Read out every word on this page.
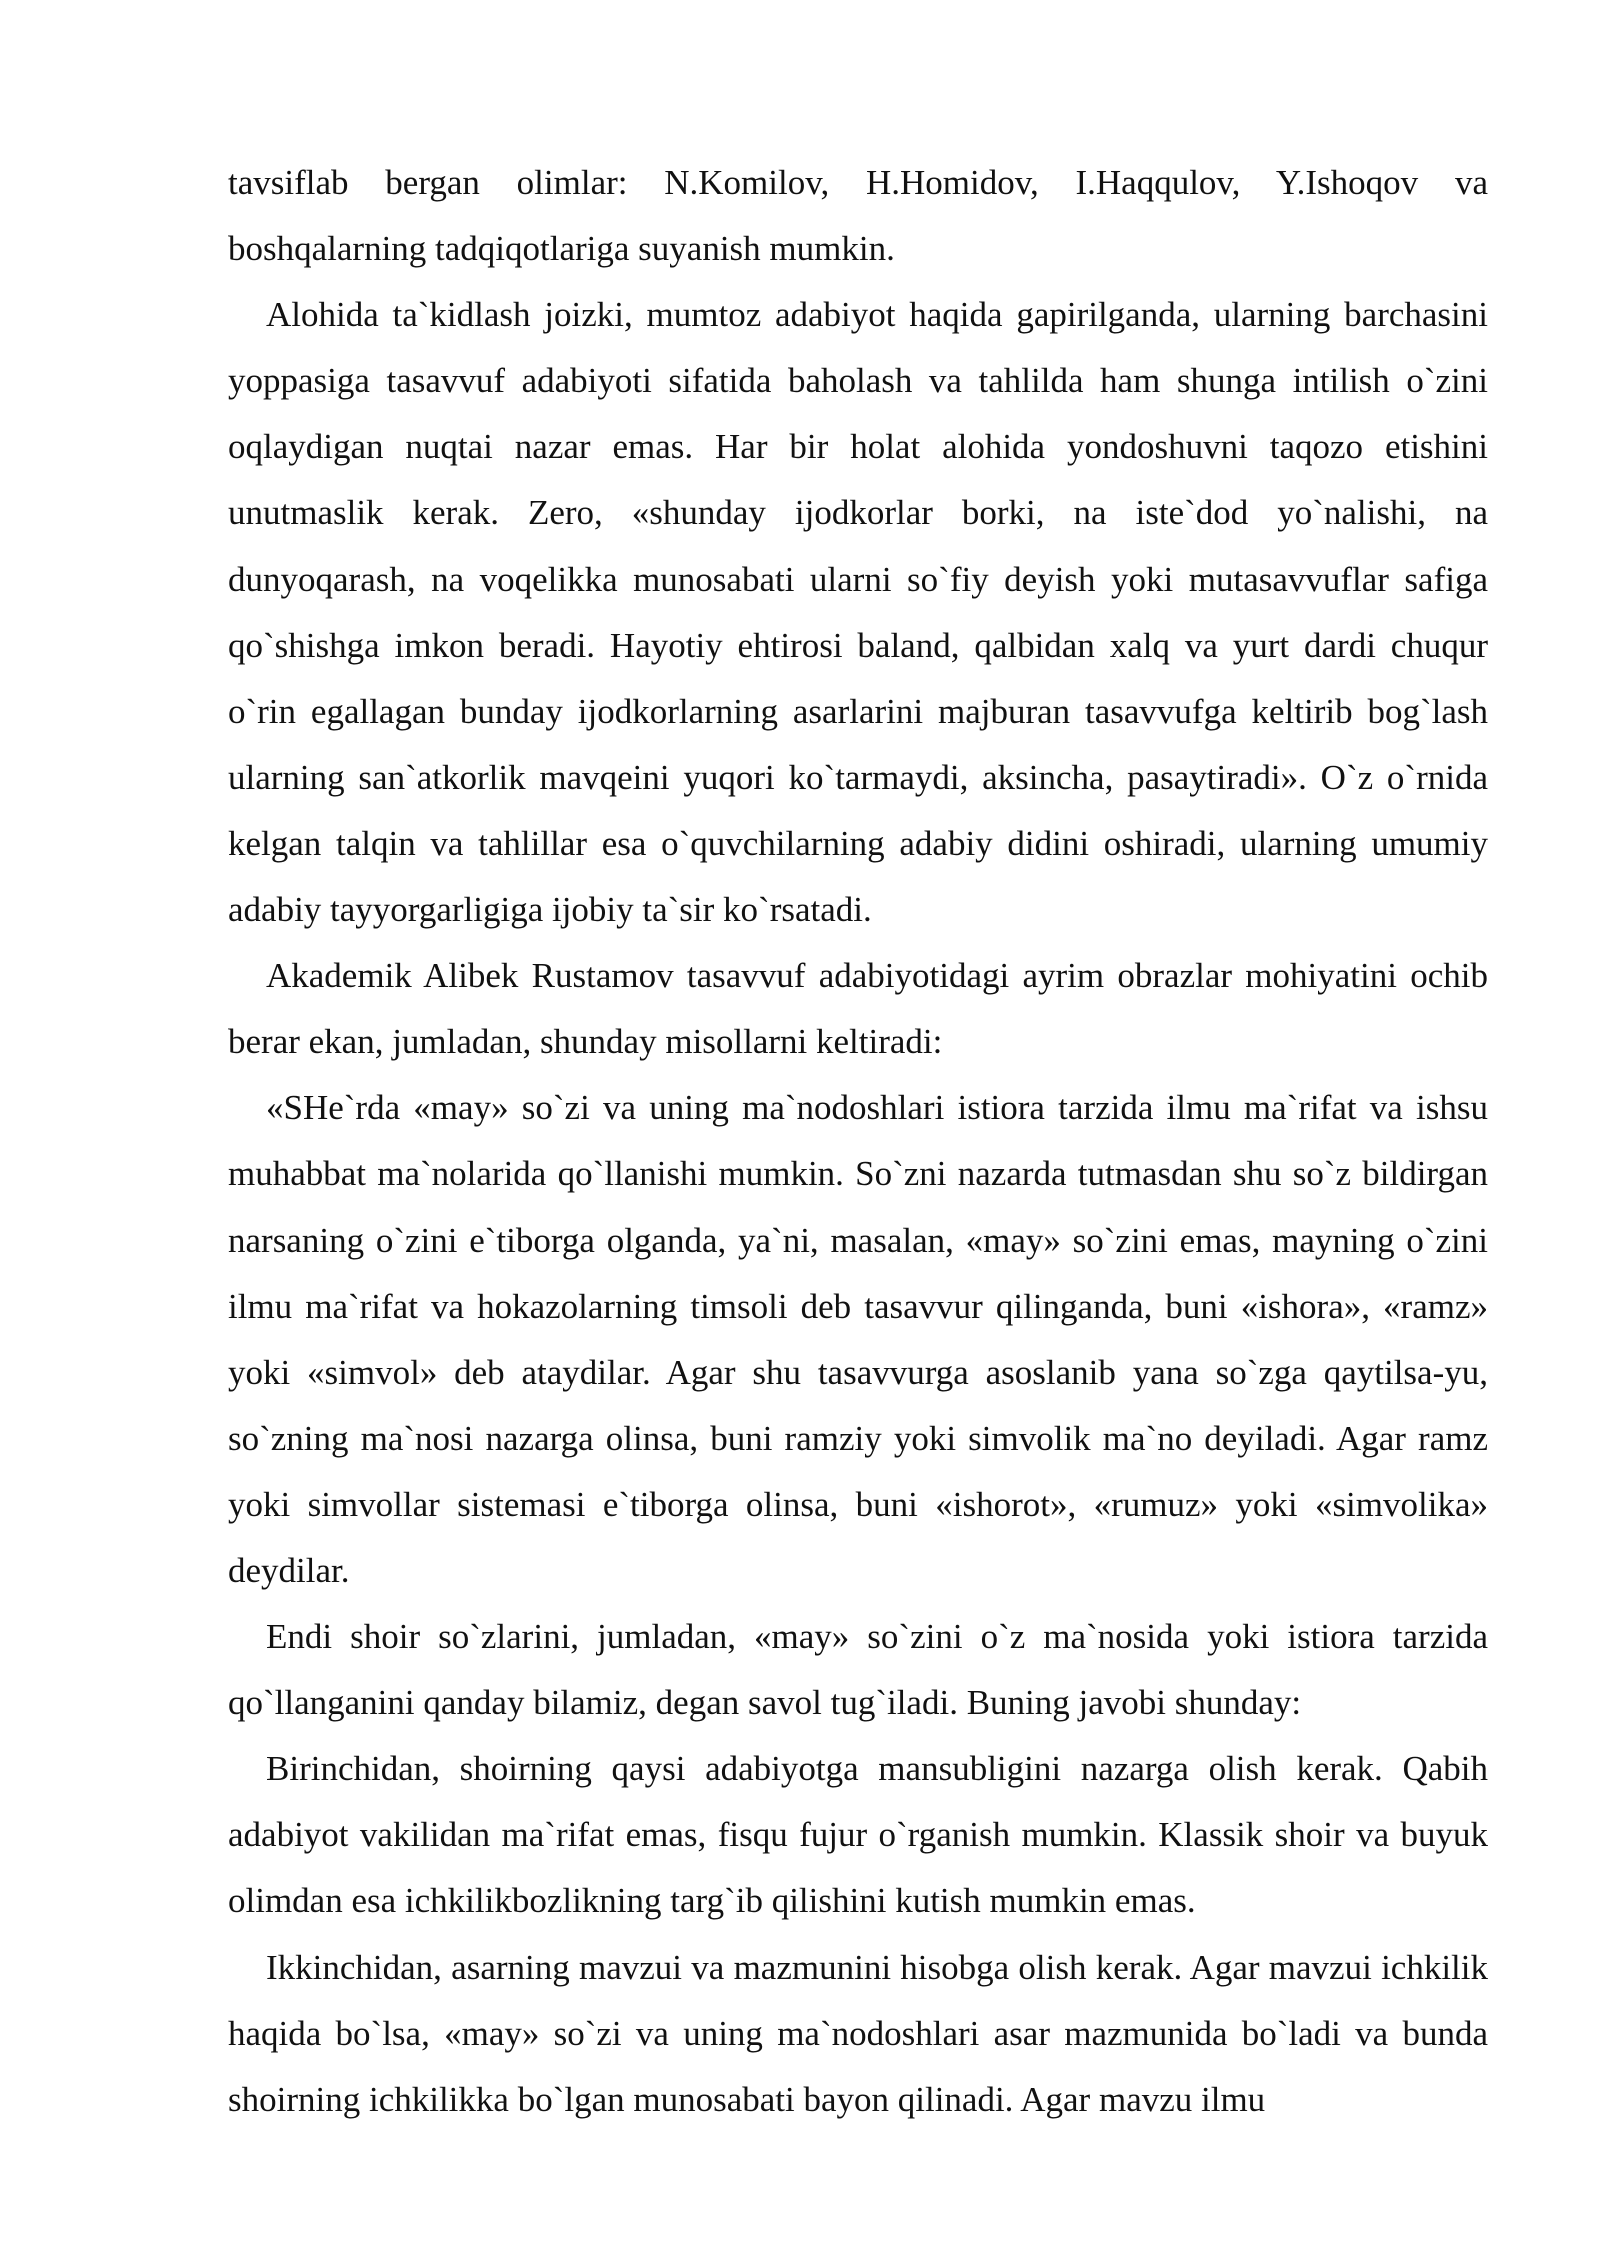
tavsiflab bergan olimlar: N.Komilov, H.Homidov, I.Haqqulov, Y.Ishoqov va boshqalarning tadqiqotlariga suyanish mumkin.

Alohida ta`kidlash joizki, mumtoz adabiyot haqida gapirilganda, ularning barchasini yoppasiga tasavvuf adabiyoti sifatida baholash va tahlilda ham shunga intilish o`zini oqlaydigan nuqtai nazar emas. Har bir holat alohida yondoshuvni taqozo etishini unutmaslik kerak. Zero, «shunday ijodkorlar borki, na iste`dod yo`nalishi, na dunyoqarash, na voqelikka munosabati ularni so`fiy deyish yoki mutasavvuflar safiga qo`shishga imkon beradi. Hayotiy ehtirosi baland, qalbidan xalq va yurt dardi chuqur o`rin egallagan bunday ijodkorlarning asarlarini majburan tasavvufga keltirib bog`lash ularning san`atkorlik mavqeini yuqori ko`tarmaydi, aksincha, pasaytiradi». O`z o`rnida kelgan talqin va tahlillar esa o`quvchilarning adabiy didini oshiradi, ularning umumiy adabiy tayyorgarligiga ijobiy ta`sir ko`rsatadi.

Akademik Alibek Rustamov tasavvuf adabiyotidagi ayrim obrazlar mohiyatini ochib berar ekan, jumladan, shunday misollarni keltiradi:

«SHe`rda «may» so`zi va uning ma`nodoshlari istiora tarzida ilmu ma`rifat va ishsu muhabbat ma`nolarida qo`llanishi mumkin. So`zni nazarda tutmasdan shu so`z bildirgan narsaning o`zini e`tiborga olganda, ya`ni, masalan, «may» so`zini emas, mayning o`zini ilmu ma`rifat va hokazolarning timsoli deb tasavvur qilinganda, buni «ishora», «ramz» yoki «simvol» deb ataydilar. Agar shu tasavvurga asoslanib yana so`zga qaytilsa-yu, so`zning ma`nosi nazarga olinsa, buni ramziy yoki simvolik ma`no deyiladi. Agar ramz yoki simvollar sistemasi e`tiborga olinsa, buni «ishorot», «rumuz» yoki «simvolika» deydilar.

Endi shoir so`zlarini, jumladan, «may» so`zini o`z ma`nosida yoki istiora tarzida qo`llanganini qanday bilamiz, degan savol tug`iladi. Buning javobi shunday:

Birinchidan, shoirning qaysi adabiyotga mansubligini nazarga olish kerak. Qabih adabiyot vakilidan ma`rifat emas, fisqu fujur o`rganish mumkin. Klassik shoir va buyuk olimdan esa ichkilikbozlikning targ`ib qilishini kutish mumkin emas.

Ikkinchidan, asarning mavzui va mazmunini hisobga olish kerak. Agar mavzui ichkilik haqida bo`lsa, «may» so`zi va uning ma`nodoshlari asar mazmunida bo`ladi va bunda shoirning ichkilikka bo`lgan munosabati bayon qilinadi. Agar mavzu ilmu
